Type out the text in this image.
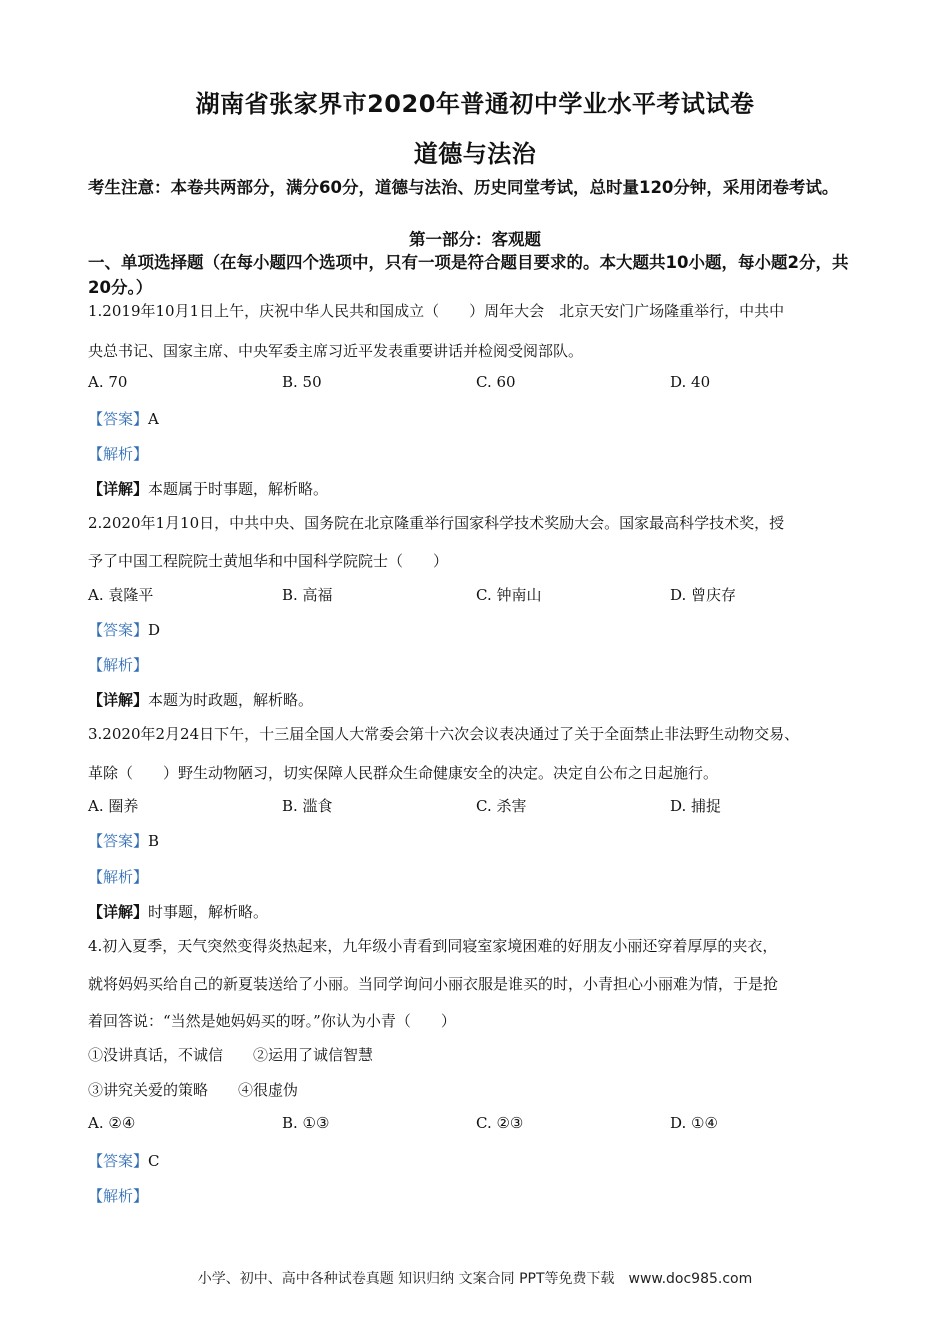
湖南省张家界市2020年普通初中学业水平考试试卷
道德与法治
考生注意：本卷共两部分，满分60分，道德与法治、历史同堂考试，总时量120分钟，采用闭卷考试。
第一部分：客观题
一、单项选择题（在每小题四个选项中，只有一项是符合题目要求的。本大题共10小题，每小题2分，共20分。）
1.2019年10月1日上午，庆祝中华人民共和国成立（　　）周年大会　北京天安门广场隆重举行，中共中
央总书记、国家主席、中央军委主席习近平发表重要讲话并检阅受阅部队。
A. 70	B. 50	C. 60	D. 40
【答案】A
【解析】
【详解】本题属于时事题，解析略。
2.2020年1月10日，中共中央、国务院在北京隆重举行国家科学技术奖励大会。国家最高科学技术奖，授
予了中国工程院院士黄旭华和中国科学院院士（　　）
A. 袁隆平	B. 高福	C. 钟南山	D. 曾庆存
【答案】D
【解析】
【详解】本题为时政题，解析略。
3.2020年2月24日下午，十三届全国人大常委会第十六次会议表决通过了关于全面禁止非法野生动物交易、
革除（　　）野生动物陋习，切实保障人民群众生命健康安全的决定。决定自公布之日起施行。
A. 圈养	B. 滥食	C. 杀害	D. 捕捉
【答案】B
【解析】
【详解】时事题，解析略。
4.初入夏季，天气突然变得炎热起来，九年级小青看到同寝室家境困难的好朋友小丽还穿着厚厚的夹衣，
就将妈妈买给自己的新夏装送给了小丽。当同学询问小丽衣服是谁买的时，小青担心小丽难为情，于是抢
着回答说：“当然是她妈妈买的呀。”你认为小青（　　）
①没讲真话，不诚信　　②运用了诚信智慧
③讲究关爱的策略　　④很虚伪
A. ②④	B. ①③	C. ②③	D. ①④
【答案】C
【解析】
小学、初中、高中各种试卷真题 知识归纳 文案合同 PPT等免费下载　www.doc985.com
